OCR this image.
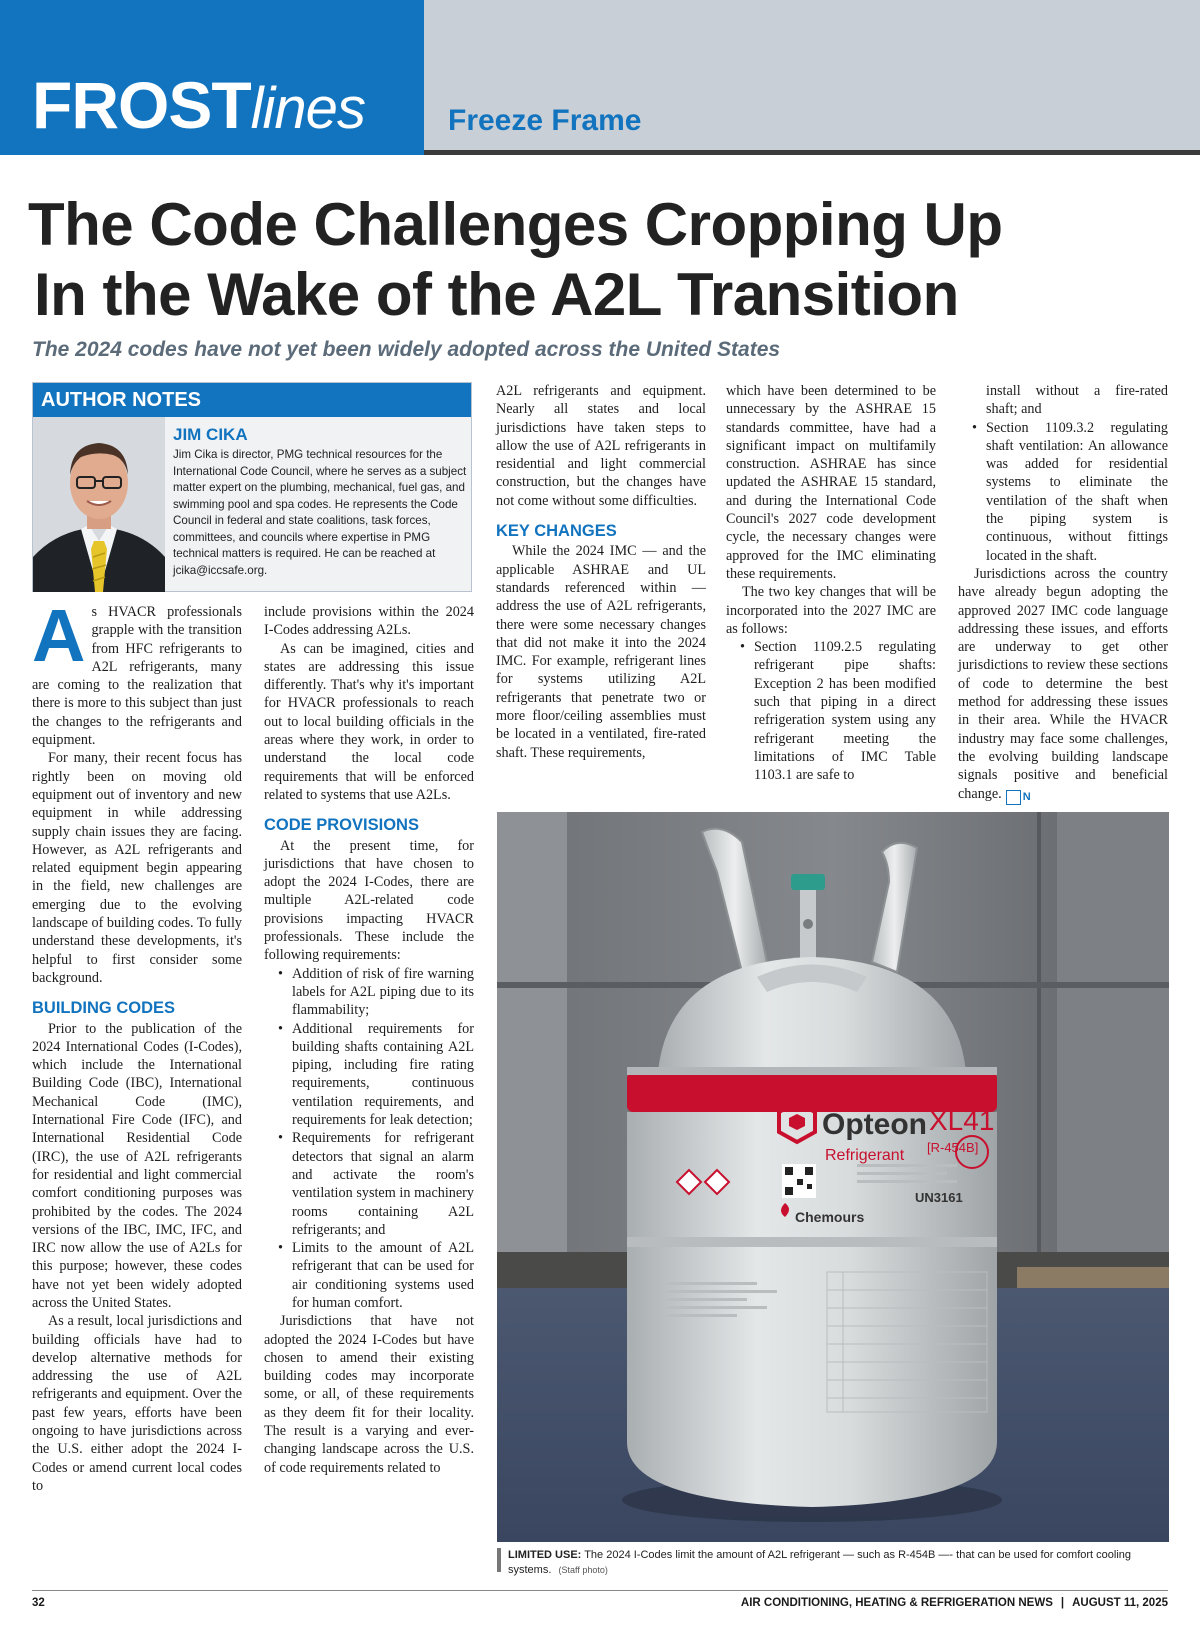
FROSTlines	Freeze Frame
The Code Challenges Cropping Up
In the Wake of the A2L Transition
The 2024 codes have not yet been widely adopted across the United States
AUTHOR NOTES
JIM CIKA
Jim Cika is director, PMG technical resources for the International Code Council, where he serves as a subject matter expert on the plumbing, mechanical, fuel gas, and swimming pool and spa codes. He represents the Code Council in federal and state coalitions, task forces, committees, and councils where expertise in PMG technical matters is required. He can be reached at jcika@iccsafe.org.

As HVACR professionals grapple with the transition from HFC refrigerants to A2L refrigerants, many are coming to the realization that there is more to this subject than just the changes to the refrigerants and equipment.

For many, their recent focus has rightly been on moving old equipment out of inventory and new equipment in while addressing supply chain issues they are facing. However, as A2L refrigerants and related equipment begin appearing in the field, new challenges are emerging due to the evolving landscape of building codes. To fully understand these developments, it's helpful to first consider some background.

BUILDING CODES

Prior to the publication of the 2024 International Codes (I-Codes), which include the International Building Code (IBC), International Mechanical Code (IMC), International Fire Code (IFC), and International Residential Code (IRC), the use of A2L refrigerants for residential and light commercial comfort conditioning purposes was prohibited by the codes. The 2024 versions of the IBC, IMC, IFC, and IRC now allow the use of A2Ls for this purpose; however, these codes have not yet been widely adopted across the United States.

As a result, local jurisdictions and building officials have had to develop alternative methods for addressing the use of A2L refrigerants and equipment. Over the past few years, efforts have been ongoing to have jurisdictions across the U.S. either adopt the 2024 I-Codes or amend current local codes to

include provisions within the 2024 I-Codes addressing A2Ls.

As can be imagined, cities and states are addressing this issue differently. That's why it's important for HVACR professionals to reach out to local building officials in the areas where they work, in order to understand the local code requirements that will be enforced related to systems that use A2Ls.

CODE PROVISIONS

At the present time, for jurisdictions that have chosen to adopt the 2024 I-Codes, there are multiple A2L-related code provisions impacting HVACR professionals. These include the following requirements:

• Addition of risk of fire warning labels for A2L piping due to its flammability;
• Additional requirements for building shafts containing A2L piping, including fire rating requirements, continuous ventilation requirements, and requirements for leak detection;
• Requirements for refrigerant detectors that signal an alarm and activate the room's ventilation system in machinery rooms containing A2L refrigerants; and
• Limits to the amount of A2L refrigerant that can be used for air conditioning systems used for human comfort.

Jurisdictions that have not adopted the 2024 I-Codes but have chosen to amend their existing building codes may incorporate some, or all, of these requirements as they deem fit for their locality. The result is a varying and ever-changing landscape across the U.S. of code requirements related to

A2L refrigerants and equipment. Nearly all states and local jurisdictions have taken steps to allow the use of A2L refrigerants in residential and light commercial construction, but the changes have not come without some difficulties.

KEY CHANGES

While the 2024 IMC — and the applicable ASHRAE and UL standards referenced within — address the use of A2L refrigerants, there were some necessary changes that did not make it into the 2024 IMC. For example, refrigerant lines for systems utilizing A2L refrigerants that penetrate two or more floor/ceiling assemblies must be located in a ventilated, fire-rated shaft. These requirements,

which have been determined to be unnecessary by the ASHRAE 15 standards committee, have had a significant impact on multifamily construction. ASHRAE has since updated the ASHRAE 15 standard, and during the International Code Council's 2027 code development cycle, the necessary changes were approved for the IMC eliminating these requirements.

The two key changes that will be incorporated into the 2027 IMC are as follows:

• Section 1109.2.5 regulating refrigerant pipe shafts: Exception 2 has been modified such that piping in a direct refrigeration system using any refrigerant meeting the limitations of IMC Table 1103.1 are safe to
install without a fire-rated shaft; and
• Section 1109.3.2 regulating shaft ventilation: An allowance was added for residential systems to eliminate the ventilation of the shaft when the piping system is continuous, without fittings located in the shaft.

Jurisdictions across the country have already begun adopting the approved 2027 IMC code language addressing these issues, and efforts are underway to get other jurisdictions to review these sections of code to determine the best method for addressing these issues in their area. While the HVACR industry may face some challenges, the evolving building landscape signals positive and beneficial change. N

Opteon XL41
Refrigerant [R-454B]
Chemours
UN3161
LIMITED USE: The 2024 I-Codes limit the amount of A2L refrigerant — such as R-454B —- that can be used for comfort cooling systems. (Staff photo)
32	AIR CONDITIONING, HEATING & REFRIGERATION NEWS | AUGUST 11, 2025
